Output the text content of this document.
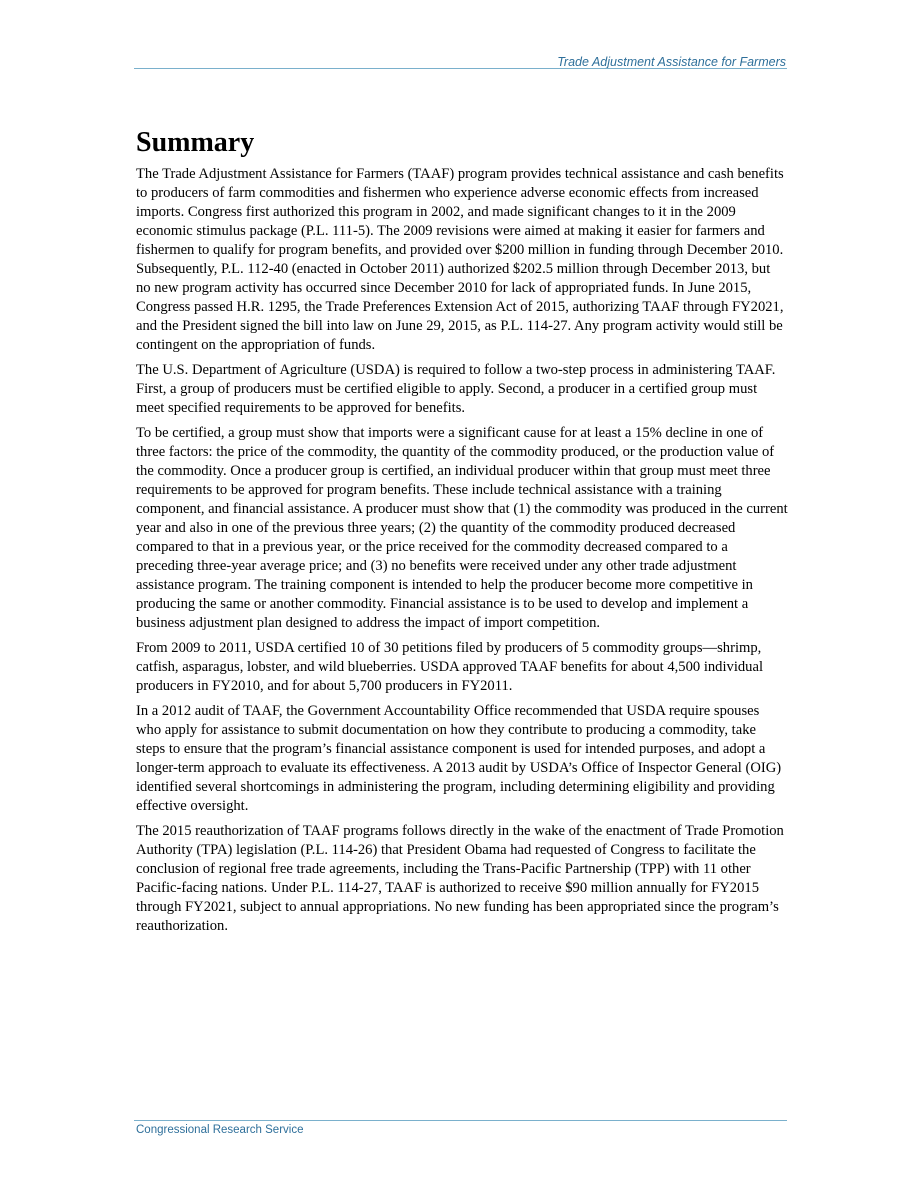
Trade Adjustment Assistance for Farmers
Summary

The Trade Adjustment Assistance for Farmers (TAAF) program provides technical assistance and cash benefits to producers of farm commodities and fishermen who experience adverse economic effects from increased imports. Congress first authorized this program in 2002, and made significant changes to it in the 2009 economic stimulus package (P.L. 111-5). The 2009 revisions were aimed at making it easier for farmers and fishermen to qualify for program benefits, and provided over $200 million in funding through December 2010. Subsequently, P.L. 112-40 (enacted in October 2011) authorized $202.5 million through December 2013, but no new program activity has occurred since December 2010 for lack of appropriated funds. In June 2015, Congress passed H.R. 1295, the Trade Preferences Extension Act of 2015, authorizing TAAF through FY2021, and the President signed the bill into law on June 29, 2015, as P.L. 114-27. Any program activity would still be contingent on the appropriation of funds.

The U.S. Department of Agriculture (USDA) is required to follow a two-step process in administering TAAF. First, a group of producers must be certified eligible to apply. Second, a producer in a certified group must meet specified requirements to be approved for benefits.

To be certified, a group must show that imports were a significant cause for at least a 15% decline in one of three factors: the price of the commodity, the quantity of the commodity produced, or the production value of the commodity. Once a producer group is certified, an individual producer within that group must meet three requirements to be approved for program benefits. These include technical assistance with a training component, and financial assistance. A producer must show that (1) the commodity was produced in the current year and also in one of the previous three years; (2) the quantity of the commodity produced decreased compared to that in a previous year, or the price received for the commodity decreased compared to a preceding three-year average price; and (3) no benefits were received under any other trade adjustment assistance program. The training component is intended to help the producer become more competitive in producing the same or another commodity. Financial assistance is to be used to develop and implement a business adjustment plan designed to address the impact of import competition.

From 2009 to 2011, USDA certified 10 of 30 petitions filed by producers of 5 commodity groups—shrimp, catfish, asparagus, lobster, and wild blueberries. USDA approved TAAF benefits for about 4,500 individual producers in FY2010, and for about 5,700 producers in FY2011.

In a 2012 audit of TAAF, the Government Accountability Office recommended that USDA require spouses who apply for assistance to submit documentation on how they contribute to producing a commodity, take steps to ensure that the program’s financial assistance component is used for intended purposes, and adopt a longer-term approach to evaluate its effectiveness. A 2013 audit by USDA’s Office of Inspector General (OIG) identified several shortcomings in administering the program, including determining eligibility and providing effective oversight.

The 2015 reauthorization of TAAF programs follows directly in the wake of the enactment of Trade Promotion Authority (TPA) legislation (P.L. 114-26) that President Obama had requested of Congress to facilitate the conclusion of regional free trade agreements, including the Trans-Pacific Partnership (TPP) with 11 other Pacific-facing nations. Under P.L. 114-27, TAAF is authorized to receive $90 million annually for FY2015 through FY2021, subject to annual appropriations. No new funding has been appropriated since the program’s reauthorization.

Congressional Research Service
